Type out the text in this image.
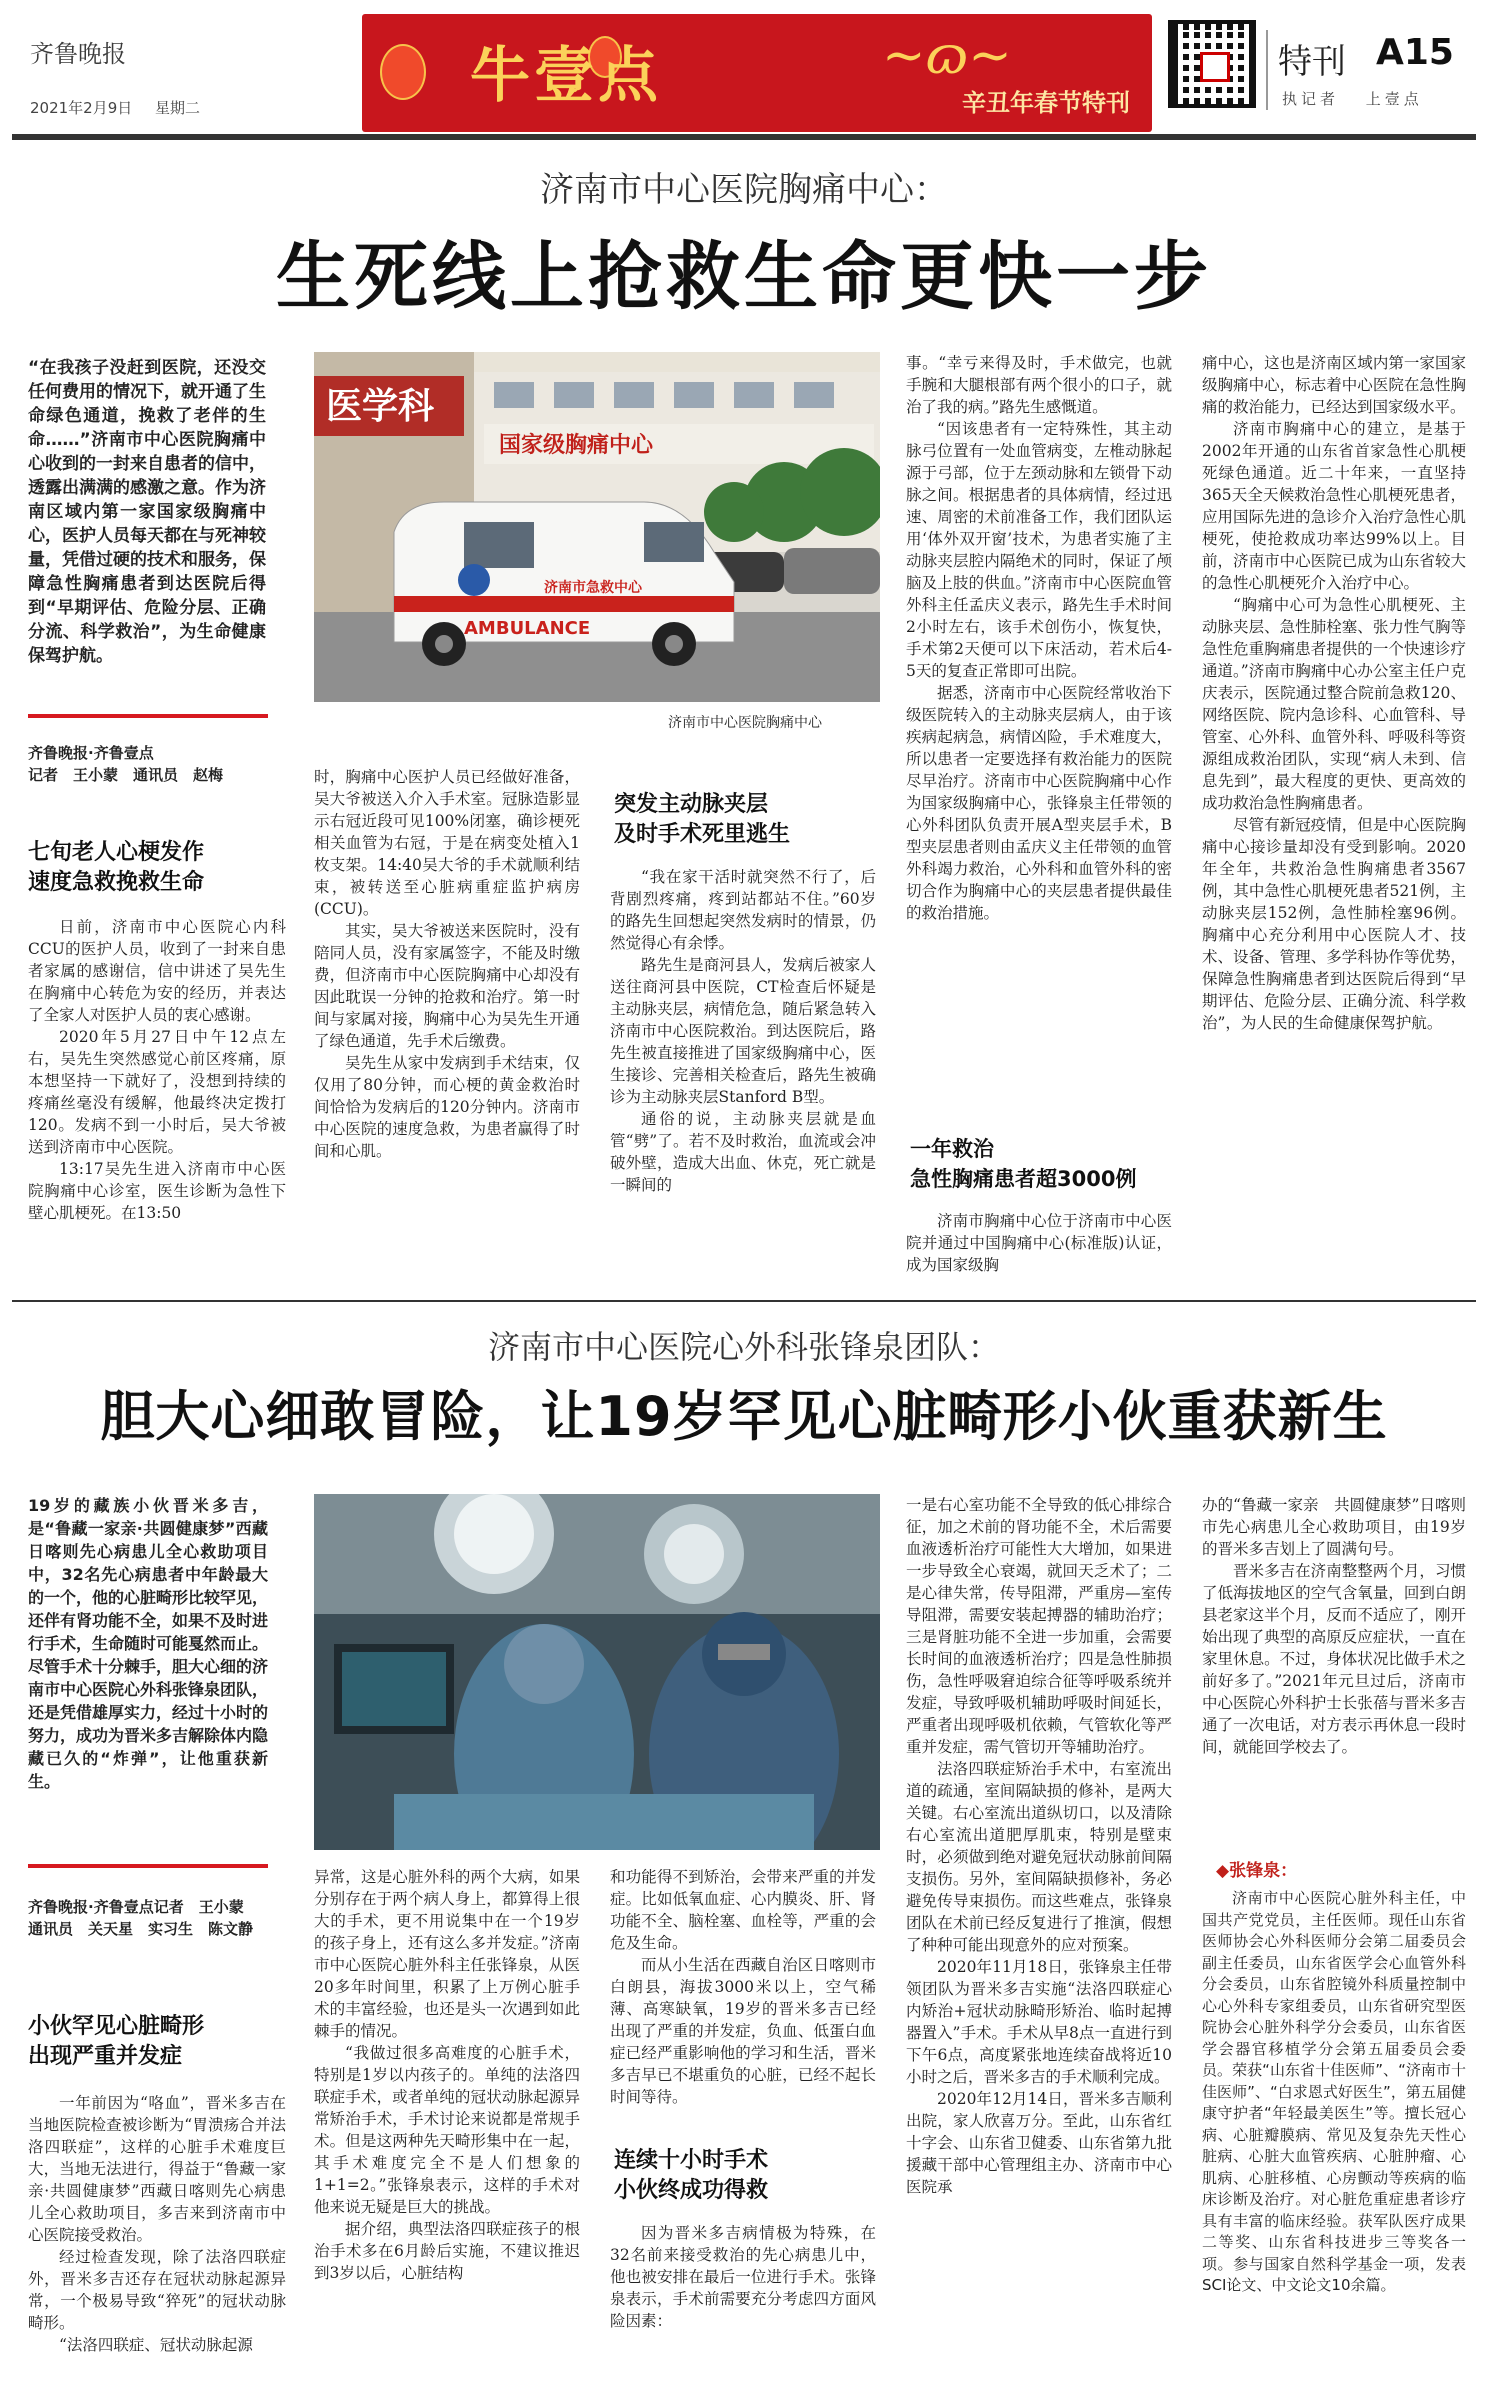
齐鲁晚报
2021年2月9日 星期二	牛壹点	~ɷ~
辛丑年春节特刊
特刊 A15
执记者 上壹点
济南市中心医院胸痛中心：
生死线上抢救生命更快一步
“在我孩子没赶到医院，还没交任何费用的情况下，就开通了生命绿色通道，挽救了老伴的生命……”济南市中心医院胸痛中心收到的一封来自患者的信中，透露出满满的感激之意。作为济南区域内第一家国家级胸痛中心，医护人员每天都在与死神较量，凭借过硬的技术和服务，保障急性胸痛患者到达医院后得到“早期评估、危险分层、正确分流、科学救治”，为生命健康保驾护航。
齐鲁晚报·齐鲁壹点
记者　王小蒙　通讯员　赵梅
国家级胸痛中心
医学科
济南市急救中心
AMBULANCE
济南市中心医院胸痛中心
七旬老人心梗发作
速度急救挽救生命

日前，济南市中心医院心内科CCU的医护人员，收到了一封来自患者家属的感谢信，信中讲述了吴先生在胸痛中心转危为安的经历，并表达了全家人对医护人员的衷心感谢。

2020年5月27日中午12点左右，吴先生突然感觉心前区疼痛，原本想坚持一下就好了，没想到持续的疼痛丝毫没有缓解，他最终决定拨打120。发病不到一小时后，吴大爷被送到济南市中心医院。

13:17吴先生进入济南市中心医院胸痛中心诊室，医生诊断为急性下壁心肌梗死。在13:50

时，胸痛中心医护人员已经做好准备，吴大爷被送入介入手术室。冠脉造影显示右冠近段可见100%闭塞，确诊梗死相关血管为右冠，于是在病变处植入1枚支架。14:40吴大爷的手术就顺利结束，被转送至心脏病重症监护病房(CCU)。

其实，吴大爷被送来医院时，没有陪同人员，没有家属签字，不能及时缴费，但济南市中心医院胸痛中心却没有因此耽误一分钟的抢救和治疗。第一时间与家属对接，胸痛中心为吴先生开通了绿色通道，先手术后缴费。

吴先生从家中发病到手术结束，仅仅用了80分钟，而心梗的黄金救治时间恰恰为发病后的120分钟内。济南市中心医院的速度急救，为患者赢得了时间和心肌。

突发主动脉夹层
及时手术死里逃生

“我在家干活时就突然不行了，后背剧烈疼痛，疼到站都站不住。”60岁的路先生回想起突然发病时的情景，仍然觉得心有余悸。

路先生是商河县人，发病后被家人送往商河县中医院，CT检查后怀疑是主动脉夹层，病情危急，随后紧急转入济南市中心医院救治。到达医院后，路先生被直接推进了国家级胸痛中心，医生接诊、完善相关检查后，路先生被确诊为主动脉夹层Stanford B型。

通俗的说，主动脉夹层就是血管“劈”了。若不及时救治，血流或会冲破外壁，造成大出血、休克，死亡就是一瞬间的

事。“幸亏来得及时，手术做完，也就手腕和大腿根部有两个很小的口子，就治了我的病。”路先生感慨道。

“因该患者有一定特殊性，其主动脉弓位置有一处血管病变，左椎动脉起源于弓部，位于左颈动脉和左锁骨下动脉之间。根据患者的具体病情，经过迅速、周密的术前准备工作，我们团队运用‘体外双开窗’技术，为患者实施了主动脉夹层腔内隔绝术的同时，保证了颅脑及上肢的供血。”济南市中心医院血管外科主任孟庆义表示，路先生手术时间2小时左右，该手术创伤小，恢复快，手术第2天便可以下床活动，若术后4-5天的复查正常即可出院。

据悉，济南市中心医院经常收治下级医院转入的主动脉夹层病人，由于该疾病起病急，病情凶险，手术难度大，所以患者一定要选择有救治能力的医院尽早治疗。济南市中心医院胸痛中心作为国家级胸痛中心，张锋泉主任带领的心外科团队负责开展A型夹层手术，B型夹层患者则由孟庆义主任带领的血管外科竭力救治，心外科和血管外科的密切合作为胸痛中心的夹层患者提供最佳的救治措施。

一年救治
急性胸痛患者超3000例

济南市胸痛中心位于济南市中心医院并通过中国胸痛中心(标准版)认证，成为国家级胸

痛中心，这也是济南区域内第一家国家级胸痛中心，标志着中心医院在急性胸痛的救治能力，已经达到国家级水平。

济南市胸痛中心的建立，是基于2002年开通的山东省首家急性心肌梗死绿色通道。近二十年来，一直坚持365天全天候救治急性心肌梗死患者，应用国际先进的急诊介入治疗急性心肌梗死，使抢救成功率达99%以上。目前，济南市中心医院已成为山东省较大的急性心肌梗死介入治疗中心。

“胸痛中心可为急性心肌梗死、主动脉夹层、急性肺栓塞、张力性气胸等急性危重胸痛患者提供的一个快速诊疗通道。”济南市胸痛中心办公室主任户克庆表示，医院通过整合院前急救120、网络医院、院内急诊科、心血管科、导管室、心外科、血管外科、呼吸科等资源组成救治团队，实现“病人未到、信息先到”，最大程度的更快、更高效的成功救治急性胸痛患者。

尽管有新冠疫情，但是中心医院胸痛中心接诊量却没有受到影响。2020年全年，共救治急性胸痛患者3567例，其中急性心肌梗死患者521例，主动脉夹层152例，急性肺栓塞96例。胸痛中心充分利用中心医院人才、技术、设备、管理、多学科协作等优势，保障急性胸痛患者到达医院后得到“早期评估、危险分层、正确分流、科学救治”，为人民的生命健康保驾护航。

济南市中心医院心外科张锋泉团队：
胆大心细敢冒险，让19岁罕见心脏畸形小伙重获新生
19岁的藏族小伙晋米多吉，是“鲁藏一家亲·共圆健康梦”西藏日喀则先心病患儿全心救助项目中，32名先心病患者中年龄最大的一个，他的心脏畸形比较罕见，还伴有肾功能不全，如果不及时进行手术，生命随时可能戛然而止。尽管手术十分棘手，胆大心细的济南市中心医院心外科张锋泉团队，还是凭借雄厚实力，经过十小时的努力，成功为晋米多吉解除体内隐藏已久的“炸弹”，让他重获新生。
齐鲁晚报·齐鲁壹点记者　王小蒙
通讯员　关天星　实习生　陈文静
小伙罕见心脏畸形
出现严重并发症

一年前因为“咯血”，晋米多吉在当地医院检查被诊断为“胃溃疡合并法洛四联症”，这样的心脏手术难度巨大，当地无法进行，得益于“鲁藏一家亲·共圆健康梦”西藏日喀则先心病患儿全心救助项目，多吉来到济南市中心医院接受救治。

经过检查发现，除了法洛四联症外，晋米多吉还存在冠状动脉起源异常，一个极易导致“猝死”的冠状动脉畸形。

“法洛四联症、冠状动脉起源

异常，这是心脏外科的两个大病，如果分别存在于两个病人身上，都算得上很大的手术，更不用说集中在一个19岁的孩子身上，还有这么多并发症。”济南市中心医院心脏外科主任张锋泉，从医20多年时间里，积累了上万例心脏手术的丰富经验，也还是头一次遇到如此棘手的情况。

“我做过很多高难度的心脏手术，特别是1岁以内孩子的。单纯的法洛四联症手术，或者单纯的冠状动脉起源异常矫治手术，手术讨论来说都是常规手术。但是这两种先天畸形集中在一起，其手术难度完全不是人们想象的1+1=2。”张锋泉表示，这样的手术对他来说无疑是巨大的挑战。

据介绍，典型法洛四联症孩子的根治手术多在6月龄后实施，不建议推迟到3岁以后，心脏结构

和功能得不到矫治，会带来严重的并发症。比如低氧血症、心内膜炎、肝、肾功能不全、脑栓塞、血栓等，严重的会危及生命。

而从小生活在西藏自治区日喀则市白朗县，海拔3000米以上，空气稀薄、高寒缺氧，19岁的晋米多吉已经出现了严重的并发症，负血、低蛋白血症已经严重影响他的学习和生活，晋米多吉早已不堪重负的心脏，已经不起长时间等待。

连续十小时手术
小伙终成功得救

因为晋米多吉病情极为特殊，在32名前来接受救治的先心病患儿中，他也被安排在最后一位进行手术。张锋泉表示，手术前需要充分考虑四方面风险因素：

一是右心室功能不全导致的低心排综合征，加之术前的肾功能不全，术后需要血液透析治疗可能性大大增加，如果进一步导致全心衰竭，就回天乏术了；二是心律失常，传导阻滞，严重房—室传导阻滞，需要安装起搏器的辅助治疗；三是肾脏功能不全进一步加重，会需要长时间的血液透析治疗；四是急性肺损伤，急性呼吸窘迫综合征等呼吸系统并发症，导致呼吸机辅助呼吸时间延长，严重者出现呼吸机依赖，气管软化等严重并发症，需气管切开等辅助治疗。

法洛四联症矫治手术中，右室流出道的疏通，室间隔缺损的修补，是两大关键。右心室流出道纵切口，以及清除右心室流出道肥厚肌束，特别是壁束时，必须做到绝对避免冠状动脉前间隔支损伤。另外，室间隔缺损修补，务必避免传导束损伤。而这些难点，张锋泉团队在术前已经反复进行了推演，假想了种种可能出现意外的应对预案。

2020年11月18日，张锋泉主任带领团队为晋米多吉实施“法洛四联症心内矫治+冠状动脉畸形矫治、临时起搏器置入”手术。手术从早8点一直进行到下午6点，高度紧张地连续奋战将近10小时之后，晋米多吉的手术顺利完成。

2020年12月14日，晋米多吉顺利出院，家人欣喜万分。至此，山东省红十字会、山东省卫健委、山东省第九批援藏干部中心管理组主办、济南市中心医院承

办的“鲁藏一家亲　共圆健康梦”日喀则市先心病患儿全心救助项目，由19岁的晋米多吉划上了圆满句号。

晋米多吉在济南整整两个月，习惯了低海拔地区的空气含氧量，回到白朗县老家这半个月，反而不适应了，刚开始出现了典型的高原反应症状，一直在家里休息。不过，身体状况比做手术之前好多了。”2021年元旦过后，济南市中心医院心外科护士长张蓓与晋米多吉通了一次电话，对方表示再休息一段时间，就能回学校去了。

◆张锋泉：

济南市中心医院心脏外科主任，中国共产党党员，主任医师。现任山东省医师协会心外科医师分会第二届委员会副主任委员，山东省医学会心血管外科分会委员，山东省腔镜外科质量控制中心心外科专家组委员，山东省研究型医院协会心脏外科学分会委员，山东省医学会器官移植学分会第五届委员会委员。荣获“山东省十佳医师”、“济南市十佳医师”、“白求恩式好医生”，第五届健康守护者“年轻最美医生”等。擅长冠心病、心脏瓣膜病、常见及复杂先天性心脏病、心脏大血管疾病、心脏肿瘤、心肌病、心脏移植、心房颤动等疾病的临床诊断及治疗。对心脏危重症患者诊疗具有丰富的临床经验。获军队医疗成果二等奖、山东省科技进步三等奖各一项。参与国家自然科学基金一项，发表SCI论文、中文论文10余篇。
